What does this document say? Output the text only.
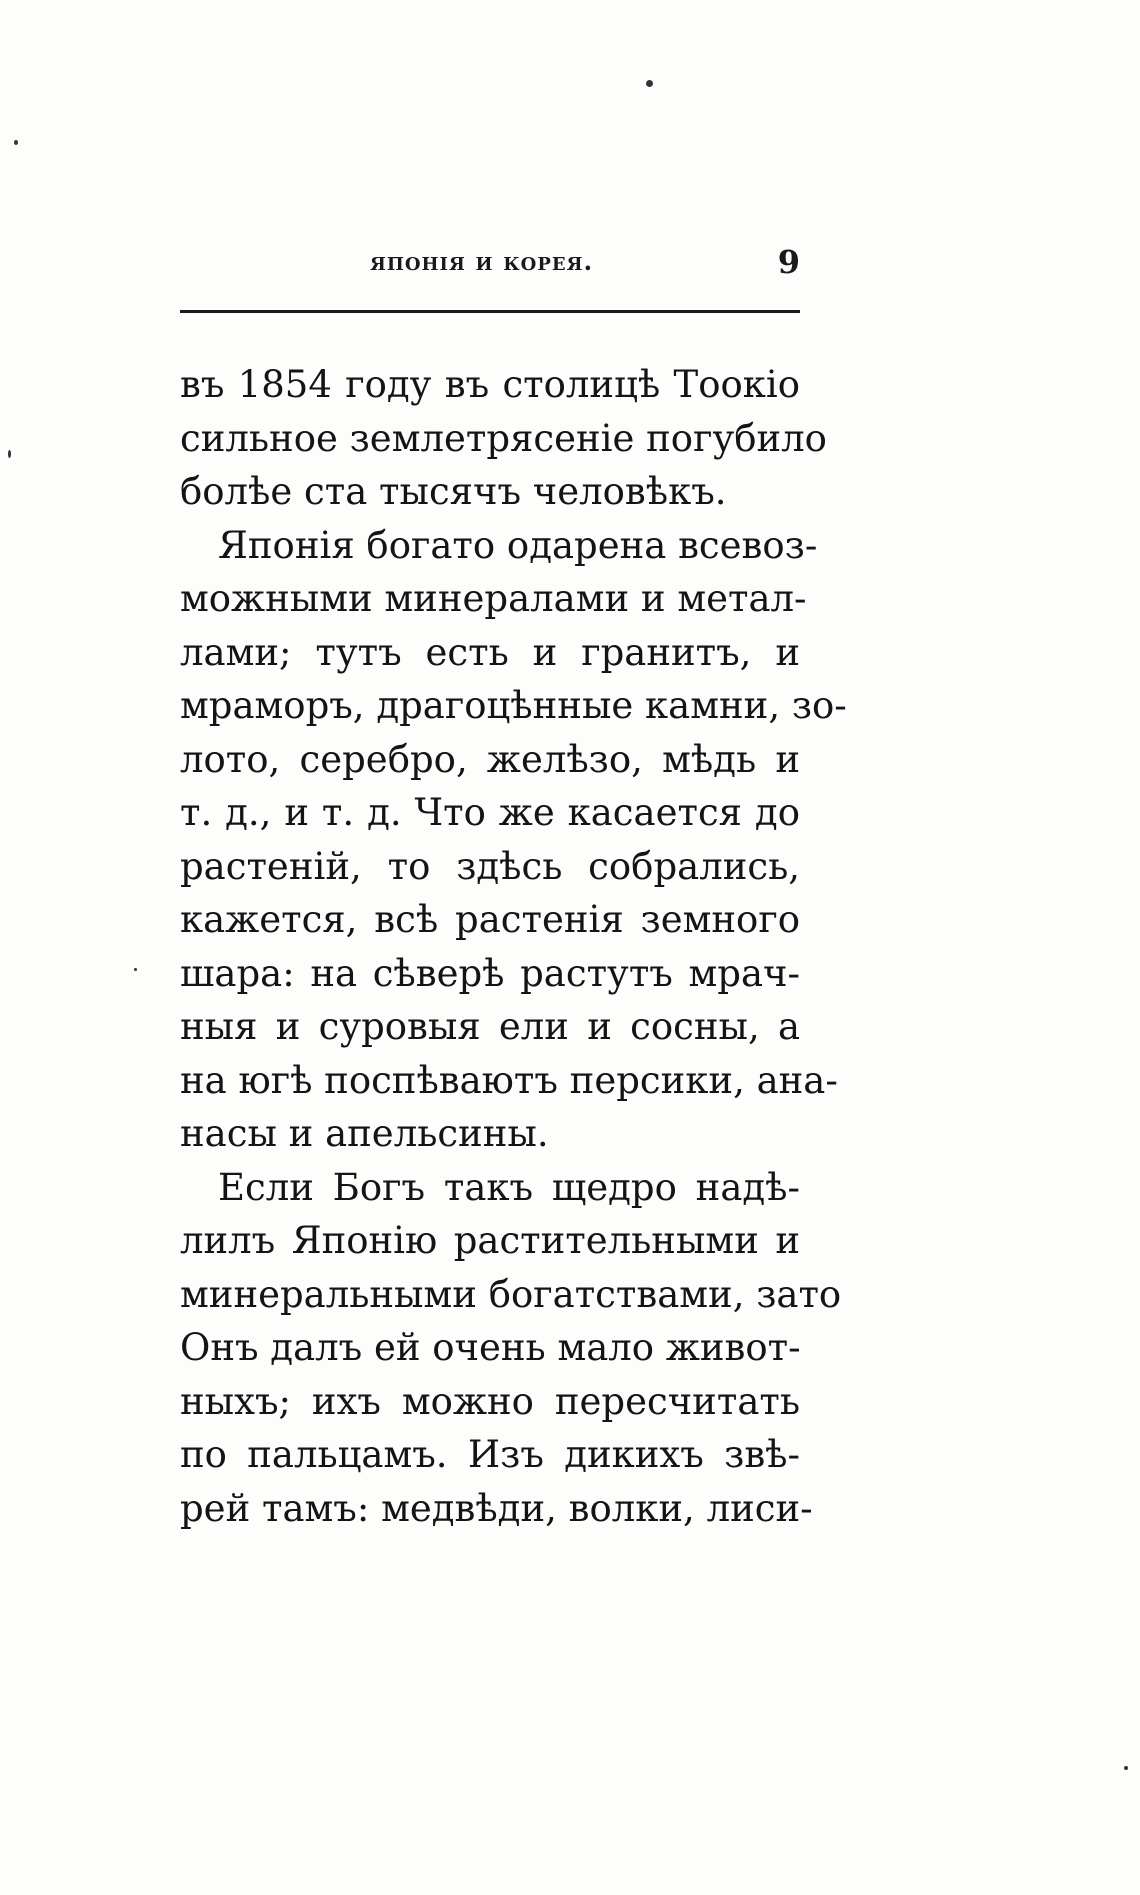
японія и корея.	9
въ 1854 году въ столицѣ Тоокіо
сильное землетрясеніе погубило
болѣе ста тысячъ человѣкъ.
Японія богато одарена всевоз-
можными минералами и метал-
лами; тутъ есть и гранитъ, и
мраморъ, драгоцѣнные камни, зо-
лото, серебро, желѣзо, мѣдь и
т. д., и т. д. Что же касается до
растеній, то здѣсь собрались,
кажется, всѣ растенія земного
шара: на сѣверѣ растутъ мрач-
ныя и суровыя ели и сосны, а
на югѣ поспѣваютъ персики, ана-
насы и апельсины.
Если Богъ такъ щедро надѣ-
лилъ Японію растительными и
минеральными богатствами, зато
Онъ далъ ей очень мало живот-
ныхъ; ихъ можно пересчитать
по пальцамъ. Изъ дикихъ звѣ-
рей тамъ: медвѣди, волки, лиси-
